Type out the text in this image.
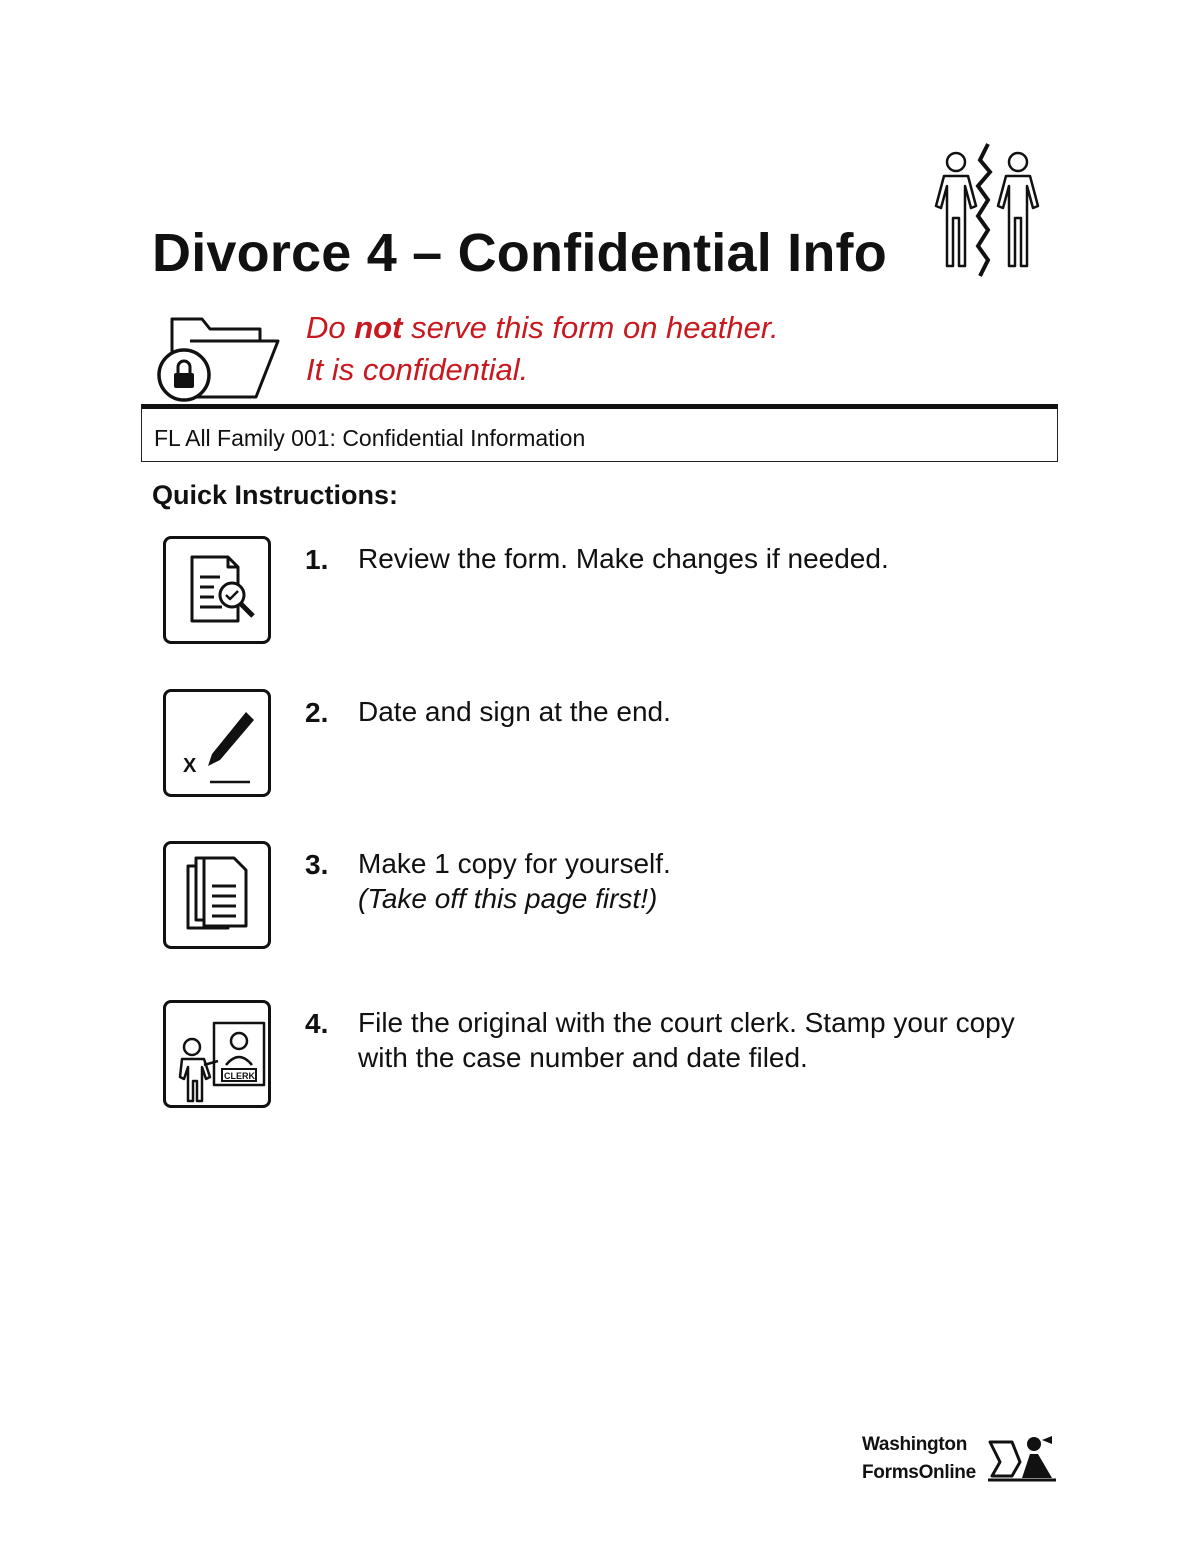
Divorce 4 – Confidential Info
Do not serve this form on heather.
It is confidential.
FL All Family 001: Confidential Information
Quick Instructions:
1. Review the form. Make changes if needed.
X
2. Date and sign at the end.
3. Make 1 copy for yourself.
(Take off this page first!)
CLERK
4. File the original with the court clerk. Stamp your copy with the case number and date filed.
Washington
FormsOnline
